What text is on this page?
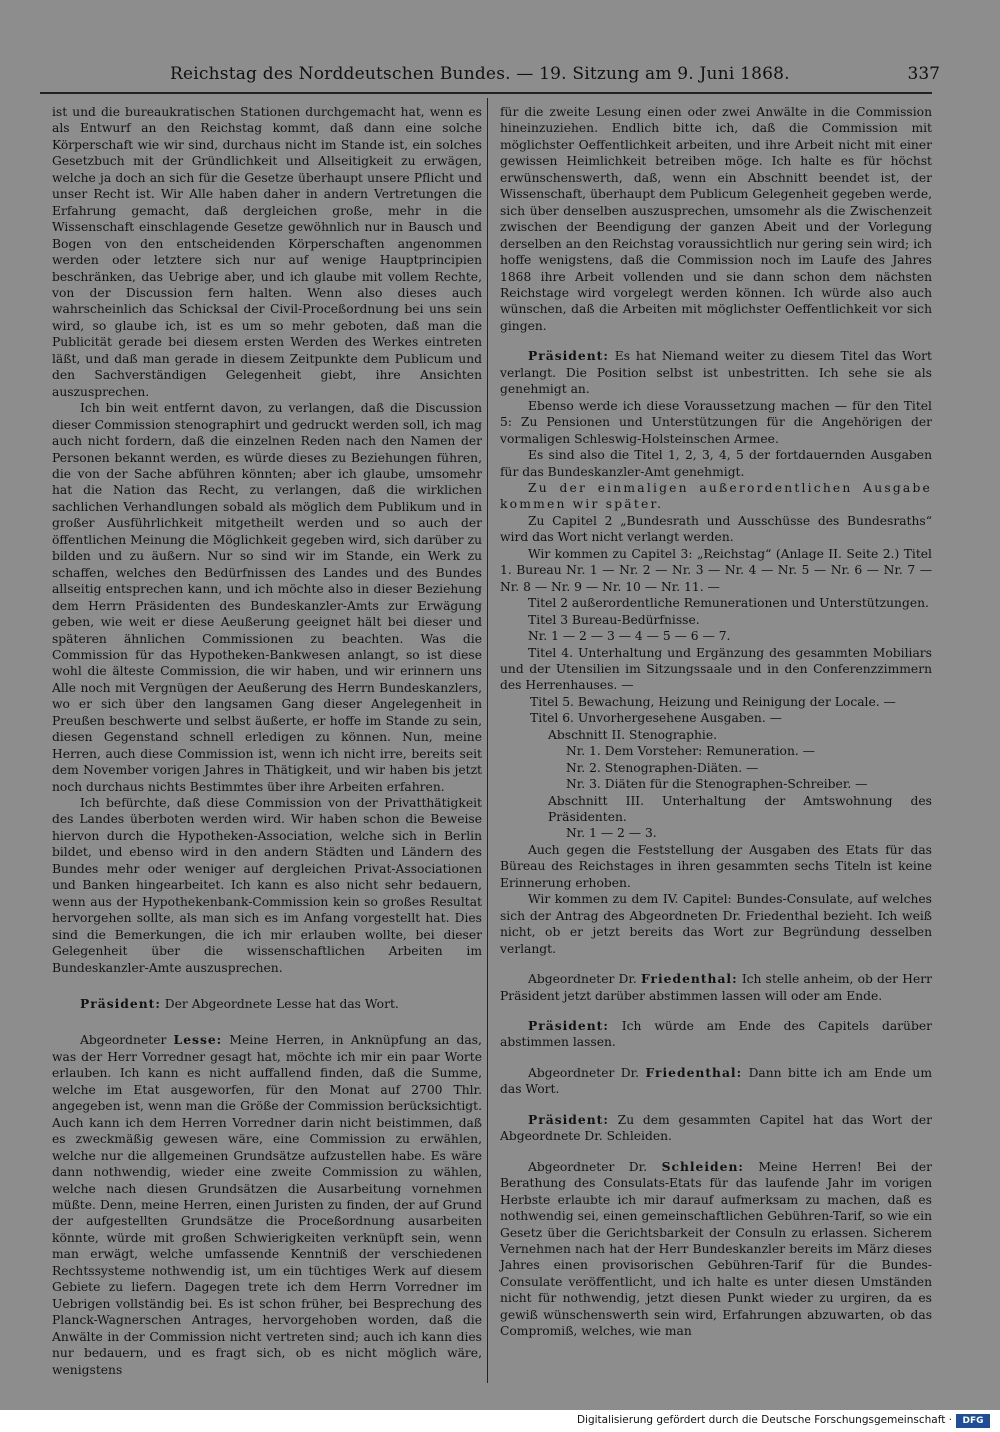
Reichstag des Norddeutschen Bundes. — 19. Sitzung am 9. Juni 1868.	337

ist und die bureaukratischen Stationen durchgemacht hat, wenn es als Entwurf an den Reichstag kommt, daß dann eine solche Körperschaft wie wir sind, durchaus nicht im Stande ist, ein solches Gesetzbuch mit der Gründlichkeit und Allseitigkeit zu erwägen, welche ja doch an sich für die Gesetze überhaupt unsere Pflicht und unser Recht ist. Wir Alle haben daher in andern Vertretungen die Erfahrung gemacht, daß dergleichen große, mehr in die Wissenschaft einschlagende Gesetze gewöhnlich nur in Bausch und Bogen von den entscheidenden Körperschaften angenommen werden oder letztere sich nur auf wenige Hauptprincipien beschränken, das Uebrige aber, und ich glaube mit vollem Rechte, von der Discussion fern halten. Wenn also dieses auch wahrscheinlich das Schicksal der Civil-Proceßordnung bei uns sein wird, so glaube ich, ist es um so mehr geboten, daß man die Publicität gerade bei diesem ersten Werden des Werkes eintreten läßt, und daß man gerade in diesem Zeitpunkte dem Publicum und den Sachverständigen Gelegenheit giebt, ihre Ansichten auszusprechen.

Ich bin weit entfernt davon, zu verlangen, daß die Discussion dieser Commission stenographirt und gedruckt werden soll, ich mag auch nicht fordern, daß die einzelnen Reden nach den Namen der Personen bekannt werden, es würde dieses zu Beziehungen führen, die von der Sache abführen könnten; aber ich glaube, umsomehr hat die Nation das Recht, zu verlangen, daß die wirklichen sachlichen Verhandlungen sobald als möglich dem Publikum und in großer Ausführlichkeit mitgetheilt werden und so auch der öffentlichen Meinung die Möglichkeit gegeben wird, sich darüber zu bilden und zu äußern. Nur so sind wir im Stande, ein Werk zu schaffen, welches den Bedürfnissen des Landes und des Bundes allseitig entsprechen kann, und ich möchte also in dieser Beziehung dem Herrn Präsidenten des Bundeskanzler-Amts zur Erwägung geben, wie weit er diese Aeußerung geeignet hält bei dieser und späteren ähnlichen Commissionen zu beachten. Was die Commission für das Hypotheken-Bankwesen anlangt, so ist diese wohl die älteste Commission, die wir haben, und wir erinnern uns Alle noch mit Vergnügen der Aeußerung des Herrn Bundeskanzlers, wo er sich über den langsamen Gang dieser Angelegenheit in Preußen beschwerte und selbst äußerte, er hoffe im Stande zu sein, diesen Gegenstand schnell erledigen zu können. Nun, meine Herren, auch diese Commission ist, wenn ich nicht irre, bereits seit dem November vorigen Jahres in Thätigkeit, und wir haben bis jetzt noch durchaus nichts Bestimmtes über ihre Arbeiten erfahren.

Ich befürchte, daß diese Commission von der Privatthätigkeit des Landes überboten werden wird. Wir haben schon die Beweise hiervon durch die Hypotheken-Association, welche sich in Berlin bildet, und ebenso wird in den andern Städten und Ländern des Bundes mehr oder weniger auf dergleichen Privat-Associationen und Banken hingearbeitet. Ich kann es also nicht sehr bedauern, wenn aus der Hypothekenbank-Commission kein so großes Resultat hervorgehen sollte, als man sich es im Anfang vorgestellt hat. Dies sind die Bemerkungen, die ich mir erlauben wollte, bei dieser Gelegenheit über die wissenschaftlichen Arbeiten im Bundeskanzler-Amte auszusprechen.

Präsident: Der Abgeordnete Lesse hat das Wort.

Abgeordneter Lesse: Meine Herren, in Anknüpfung an das, was der Herr Vorredner gesagt hat, möchte ich mir ein paar Worte erlauben. Ich kann es nicht auffallend finden, daß die Summe, welche im Etat ausgeworfen, für den Monat auf 2700 Thlr. angegeben ist, wenn man die Größe der Commission berücksichtigt. Auch kann ich dem Herren Vorredner darin nicht beistimmen, daß es zweckmäßig gewesen wäre, eine Commission zu erwählen, welche nur die allgemeinen Grundsätze aufzustellen habe. Es wäre dann nothwendig, wieder eine zweite Commission zu wählen, welche nach diesen Grundsätzen die Ausarbeitung vornehmen müßte. Denn, meine Herren, einen Juristen zu finden, der auf Grund der aufgestellten Grundsätze die Proceßordnung ausarbeiten könnte, würde mit großen Schwierigkeiten verknüpft sein, wenn man erwägt, welche umfassende Kenntniß der verschiedenen Rechtssysteme nothwendig ist, um ein tüchtiges Werk auf diesem Gebiete zu liefern. Dagegen trete ich dem Herrn Vorredner im Uebrigen vollständig bei. Es ist schon früher, bei Besprechung des Planck-Wagnerschen Antrages, hervorgehoben worden, daß die Anwälte in der Commission nicht vertreten sind; auch ich kann dies nur bedauern, und es fragt sich, ob es nicht möglich wäre, wenigstens

für die zweite Lesung einen oder zwei Anwälte in die Commission hineinzuziehen. Endlich bitte ich, daß die Commission mit möglichster Oeffentlichkeit arbeiten, und ihre Arbeit nicht mit einer gewissen Heimlichkeit betreiben möge. Ich halte es für höchst erwünschenswerth, daß, wenn ein Abschnitt beendet ist, der Wissenschaft, überhaupt dem Publicum Gelegenheit gegeben werde, sich über denselben auszusprechen, umsomehr als die Zwischenzeit zwischen der Beendigung der ganzen Abeit und der Vorlegung derselben an den Reichstag voraussichtlich nur gering sein wird; ich hoffe wenigstens, daß die Commission noch im Laufe des Jahres 1868 ihre Arbeit vollenden und sie dann schon dem nächsten Reichstage wird vorgelegt werden können. Ich würde also auch wünschen, daß die Arbeiten mit möglichster Oeffentlichkeit vor sich gingen.

Präsident: Es hat Niemand weiter zu diesem Titel das Wort verlangt. Die Position selbst ist unbestritten. Ich sehe sie als genehmigt an.

Ebenso werde ich diese Voraussetzung machen — für den Titel 5: Zu Pensionen und Unterstützungen für die Angehörigen der vormaligen Schleswig-Holsteinschen Armee.

Es sind also die Titel 1, 2, 3, 4, 5 der fortdauernden Ausgaben für das Bundeskanzler-Amt genehmigt.

Zu der einmaligen außerordentlichen Ausgabe kommen wir später.

Zu Capitel 2 „Bundesrath und Ausschüsse des Bundesraths“ wird das Wort nicht verlangt werden.

Wir kommen zu Capitel 3: „Reichstag“ (Anlage II. Seite 2.) Titel 1. Bureau Nr. 1 — Nr. 2 — Nr. 3 — Nr. 4 — Nr. 5 — Nr. 6 — Nr. 7 — Nr. 8 — Nr. 9 — Nr. 10 — Nr. 11. —

Titel 2 außerordentliche Remunerationen und Unterstützungen.

Titel 3 Bureau-Bedürfnisse.

Nr. 1 — 2 — 3 — 4 — 5 — 6 — 7.

Titel 4. Unterhaltung und Ergänzung des gesammten Mobiliars und der Utensilien im Sitzungssaale und in den Conferenzzimmern des Herrenhauses. —

Titel 5. Bewachung, Heizung und Reinigung der Locale. —

Titel 6. Unvorhergesehene Ausgaben. —

Abschnitt II. Stenographie.

Nr. 1. Dem Vorsteher: Remuneration. —

Nr. 2. Stenographen-Diäten. —

Nr. 3. Diäten für die Stenographen-Schreiber. —

Abschnitt III. Unterhaltung der Amtswohnung des Präsidenten.

Nr. 1 — 2 — 3.

Auch gegen die Feststellung der Ausgaben des Etats für das Büreau des Reichstages in ihren gesammten sechs Titeln ist keine Erinnerung erhoben.

Wir kommen zu dem IV. Capitel: Bundes-Consulate, auf welches sich der Antrag des Abgeordneten Dr. Friedenthal bezieht. Ich weiß nicht, ob er jetzt bereits das Wort zur Begründung desselben verlangt.

Abgeordneter Dr. Friedenthal: Ich stelle anheim, ob der Herr Präsident jetzt darüber abstimmen lassen will oder am Ende.

Präsident: Ich würde am Ende des Capitels darüber abstimmen lassen.

Abgeordneter Dr. Friedenthal: Dann bitte ich am Ende um das Wort.

Präsident: Zu dem gesammten Capitel hat das Wort der Abgeordnete Dr. Schleiden.

Abgeordneter Dr. Schleiden: Meine Herren! Bei der Berathung des Consulats-Etats für das laufende Jahr im vorigen Herbste erlaubte ich mir darauf aufmerksam zu machen, daß es nothwendig sei, einen gemeinschaftlichen Gebühren-Tarif, so wie ein Gesetz über die Gerichtsbarkeit der Consuln zu erlassen. Sicherem Vernehmen nach hat der Herr Bundeskanzler bereits im März dieses Jahres einen provisorischen Gebühren-Tarif für die Bundes-Consulate veröffentlicht, und ich halte es unter diesen Umständen nicht für nothwendig, jetzt diesen Punkt wieder zu urgiren, da es gewiß wünschenswerth sein wird, Erfahrungen abzuwarten, ob das Compromiß, welches, wie man

Digitalisierung gefördert durch die Deutsche Forschungsgemeinschaft ·	DFG
